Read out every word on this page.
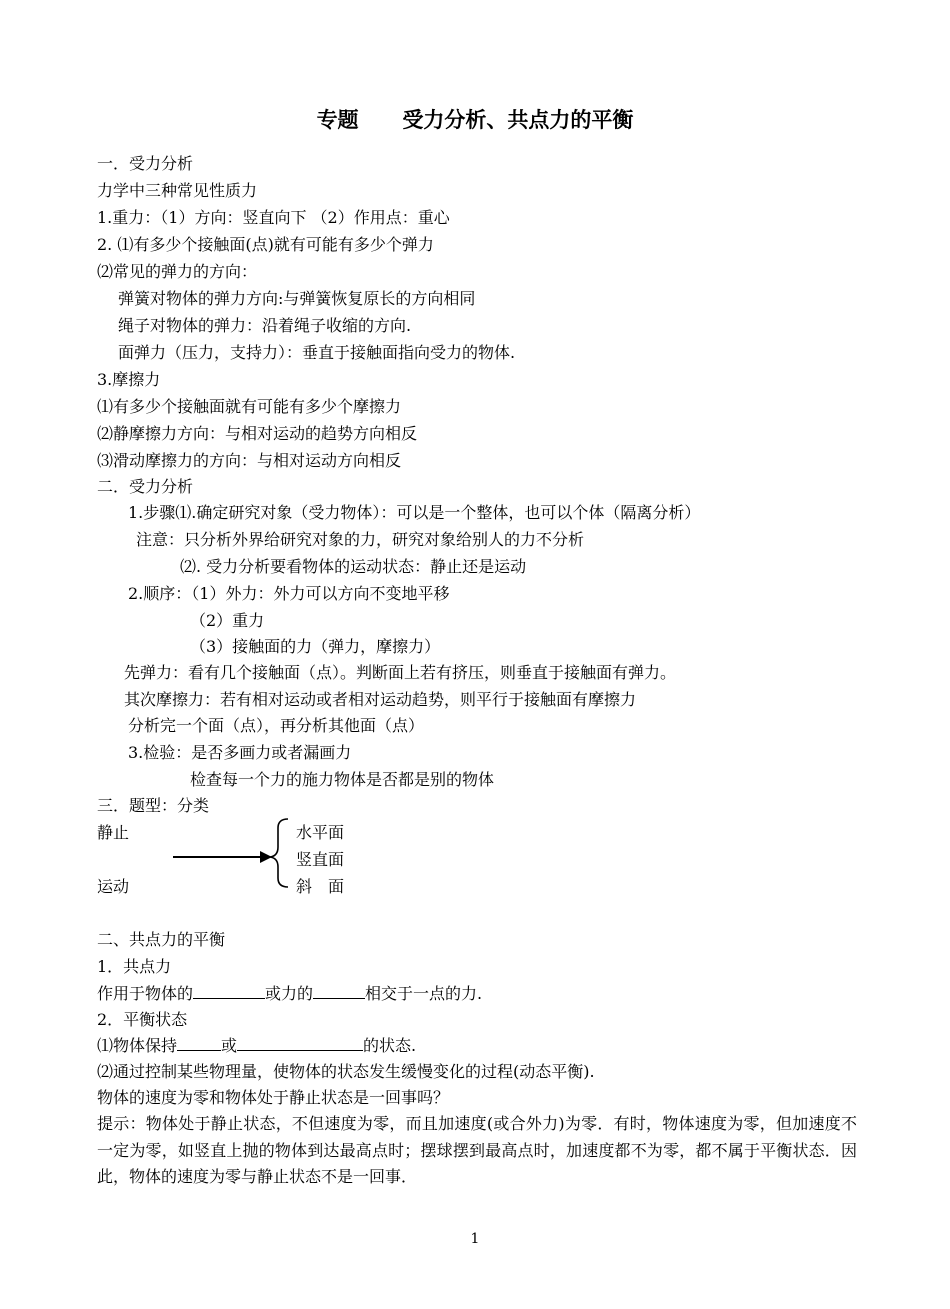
专题      受力分析、共点力的平衡
一．受力分析
力学中三种常见性质力
1.重力：（1）方向：竖直向下 （2）作用点：重心
2. ⑴有多少个接触面(点)就有可能有多少个弹力
⑵常见的弹力的方向：
弹簧对物体的弹力方向:与弹簧恢复原长的方向相同
绳子对物体的弹力：沿着绳子收缩的方向.
面弹力（压力，支持力）：垂直于接触面指向受力的物体.
3.摩擦力
⑴有多少个接触面就有可能有多少个摩擦力
⑵静摩擦力方向：与相对运动的趋势方向相反
⑶滑动摩擦力的方向：与相对运动方向相反
二．受力分析
1.步骤⑴.确定研究对象（受力物体）：可以是一个整体，也可以个体（隔离分析）
注意：只分析外界给研究对象的力，研究对象给别人的力不分析
⑵. 受力分析要看物体的运动状态：静止还是运动
2.顺序：（1）外力：外力可以方向不变地平移
（2）重力
（3）接触面的力（弹力，摩擦力）
先弹力：看有几个接触面（点）。判断面上若有挤压，则垂直于接触面有弹力。
其次摩擦力：若有相对运动或者相对运动趋势，则平行于接触面有摩擦力
分析完一个面（点），再分析其他面（点）
3.检验：是否多画力或者漏画力
检查每一个力的施力物体是否都是别的物体
三．题型：分类
静止
运动
水平面
竖直面
斜　面
二、共点力的平衡
1．共点力
作用于物体的	或力的	相交于一点的力.
2．平衡状态
⑴物体保持	或	的状态.
⑵通过控制某些物理量，使物体的状态发生缓慢变化的过程(动态平衡).
物体的速度为零和物体处于静止状态是一回事吗？
提示：物体处于静止状态，不但速度为零，而且加速度(或合外力)为零．有时，物体速度为零，但加速度不一定为零，如竖直上抛的物体到达最高点时；摆球摆到最高点时，加速度都不为零，都不属于平衡状态．因此，物体的速度为零与静止状态不是一回事．
1
